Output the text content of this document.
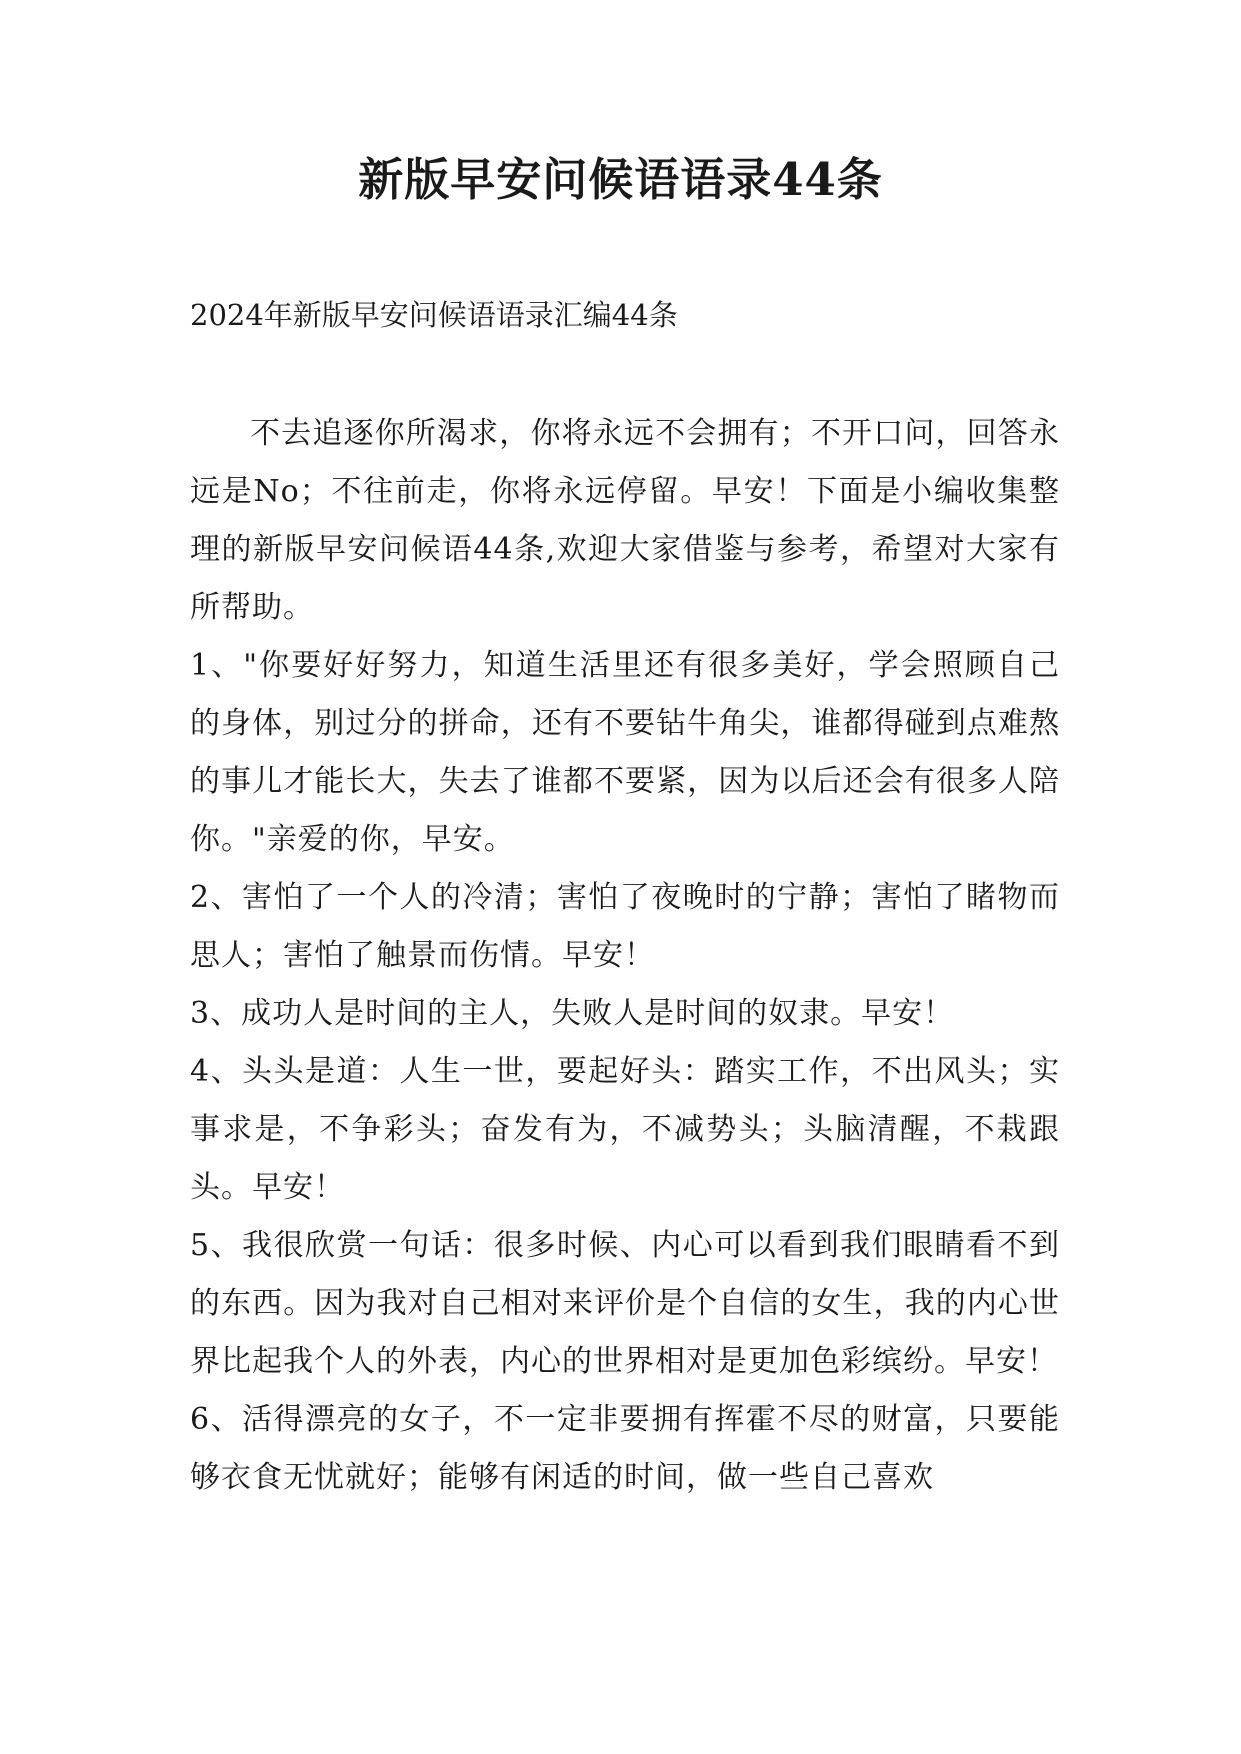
新版早安问候语语录44条

2024年新版早安问候语语录汇编44条

不去追逐你所渴求，你将永远不会拥有；不开口问，回答永远是No；不往前走，你将永远停留。早安！下面是小编收集整理的新版早安问候语44条,欢迎大家借鉴与参考，希望对大家有所帮助。

1、"你要好好努力，知道生活里还有很多美好，学会照顾自己的身体，别过分的拼命，还有不要钻牛角尖，谁都得碰到点难熬的事儿才能长大，失去了谁都不要紧，因为以后还会有很多人陪你。"亲爱的你，早安。

2、害怕了一个人的冷清；害怕了夜晚时的宁静；害怕了睹物而思人；害怕了触景而伤情。早安！

3、成功人是时间的主人，失败人是时间的奴隶。早安！

4、头头是道：人生一世，要起好头：踏实工作，不出风头；实事求是，不争彩头；奋发有为，不减势头；头脑清醒，不栽跟头。早安！

5、我很欣赏一句话：很多时候、内心可以看到我们眼睛看不到的东西。因为我对自己相对来评价是个自信的女生，我的内心世界比起我个人的外表，内心的世界相对是更加色彩缤纷。早安！

6、活得漂亮的女子，不一定非要拥有挥霍不尽的财富，只要能够衣食无忧就好；能够有闲适的时间，做一些自己喜欢
